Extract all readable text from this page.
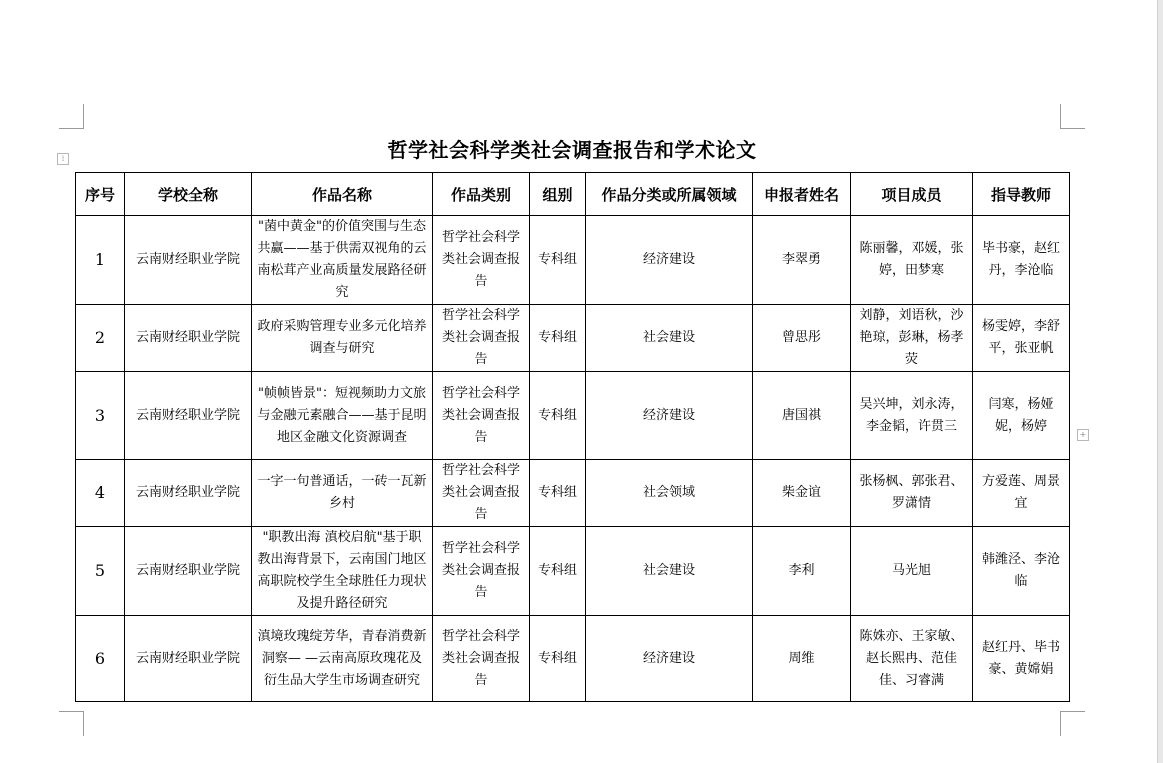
⁞
+
哲学社会科学类社会调查报告和学术论文
序号	学校全称	作品名称	作品类别	组别	作品分类或所属领域	申报者姓名	项目成员	指导教师
1	云南财经职业学院	"菌中黄金"的价值突围与生态共赢——基于供需双视角的云南松茸产业高质量发展路径研究	哲学社会科学类社会调查报告	专科组	经济建设	李翠勇	陈丽馨，邓媛，张婷，田梦寒	毕书豪，赵红丹，李沧临
2	云南财经职业学院	政府采购管理专业多元化培养调查与研究	哲学社会科学类社会调查报告	专科组	社会建设	曾思彤	刘静，刘语秋，沙艳琼，彭琳，杨孝荧	杨雯婷，李舒平，张亚帆
3	云南财经职业学院	"帧帧皆景"：短视频助力文旅与金融元素融合——基于昆明地区金融文化资源调查	哲学社会科学类社会调查报告	专科组	经济建设	唐国祺	吴兴坤，刘永涛，李金韬，许贯三	闫寒，杨娅妮，杨婷
4	云南财经职业学院	一字一句普通话，一砖一瓦新乡村	哲学社会科学类社会调查报告	专科组	社会领域	柴金谊	张杨枫、郭张君、罗潇情	方爱莲、周景宜
5	云南财经职业学院	"职教出海 滇校启航"基于职教出海背景下，云南国门地区高职院校学生全球胜任力现状及提升路径研究	哲学社会科学类社会调查报告	专科组	社会建设	李利	马光旭	韩潍泾、李沧临
6	云南财经职业学院	滇境玫瑰绽芳华，青春消费新洞察— —云南高原玫瑰花及衍生品大学生市场调查研究	哲学社会科学类社会调查报告	专科组	经济建设	周维	陈姝亦、王家敏、赵长熙冉、范佳佳、习睿满	赵红丹、毕书豪、黄嫦娟
